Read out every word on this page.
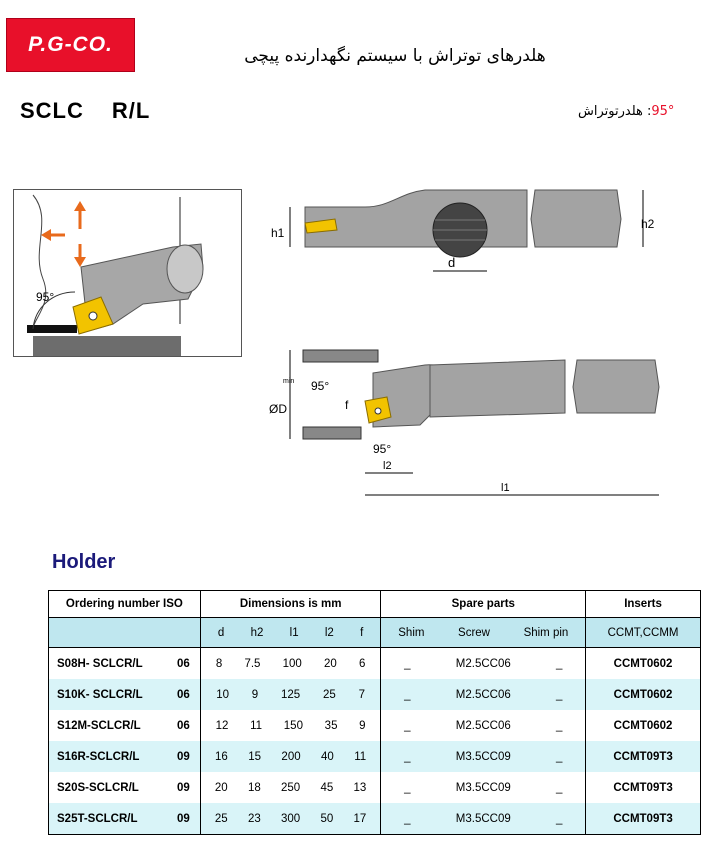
P.G-CO.	هلدرهای توتراش با سیستم نگهدارنده پیچی
SCLC R/L	95°: هلدرتوتراش
95°
h1
h2
d
ØD
min 95°
f
95°
l2
l1
Holder
Ordering number ISO	Dimensions is mm	Spare parts	Inserts

	d h2 l1 l2 f	Shim Screw Shim pin	CCMT,CCMM

S08H- SCLCR/L 06	8 7.5 100 20 6	_ M2.5CC06 _	CCMT0602

S10K- SCLCR/L 06	10 9 125 25 7	_ M2.5CC06 _	CCMT0602

S12M-SCLCR/L 06	12 11 150 35 9	_ M2.5CC06 _	CCMT0602

S16R-SCLCR/L 09	16 15 200 40 11	_ M3.5CC09 _	CCMT09T3

S20S-SCLCR/L 09	20 18 250 45 13	_ M3.5CC09 _	CCMT09T3

S25T-SCLCR/L 09	25 23 300 50 17	_ M3.5CC09 _	CCMT09T3
